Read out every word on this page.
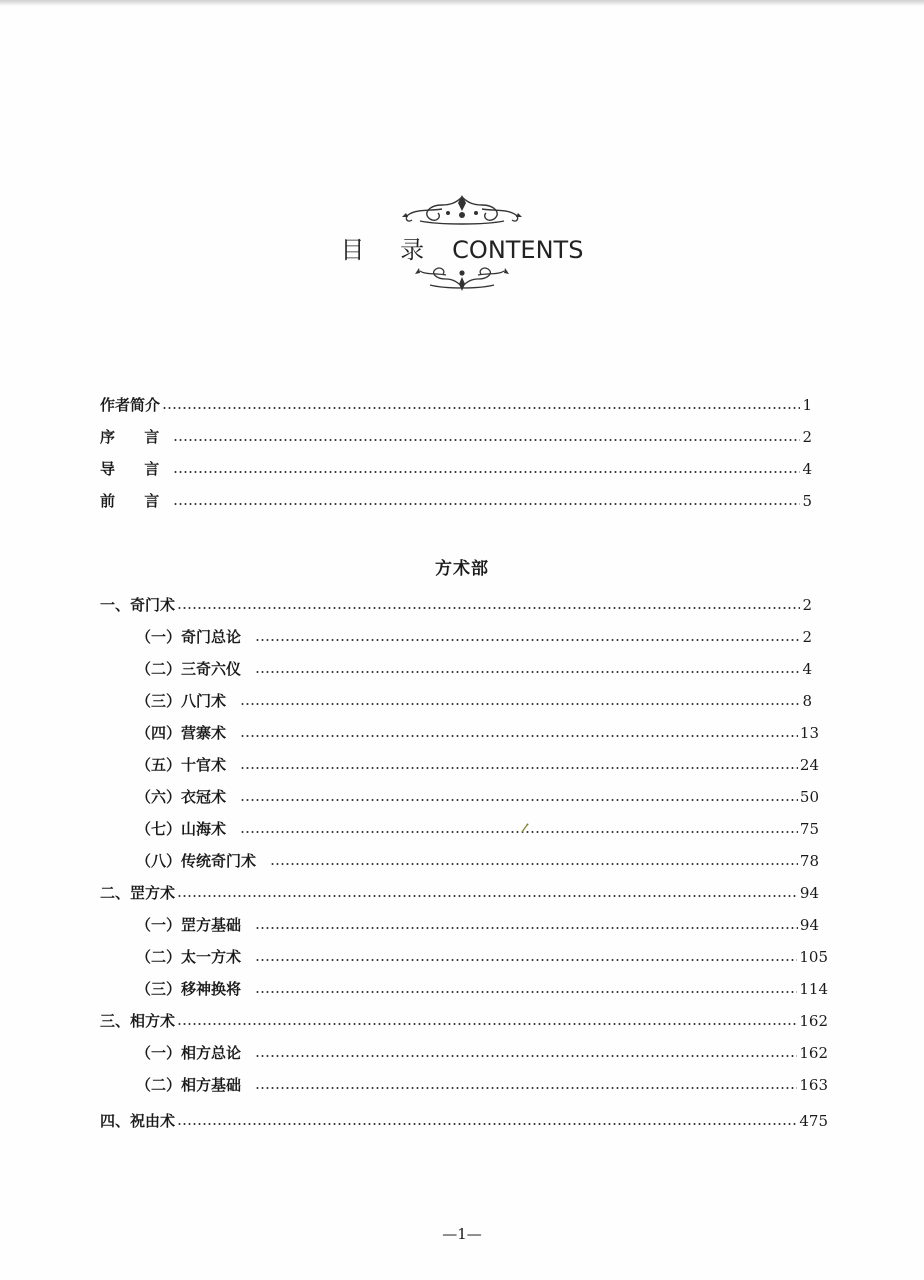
目 录 CONTENTS
作者简介	1
序 言	2
导 言	4
前 言	5
方术部
一、奇门术	2
（一）奇门总论	2
（二）三奇六仪	4
（三）八门术	8
（四）营寨术	13
（五）十官术	24
（六）衣冠术	50
（七）山海术	75
（八）传统奇门术	78
二、罡方术	94
（一）罡方基础	94
（二）太一方术	105
（三）移神换将	114
三、相方术	162
（一）相方总论	162
（二）相方基础	163
四、祝由术	475
—1—
